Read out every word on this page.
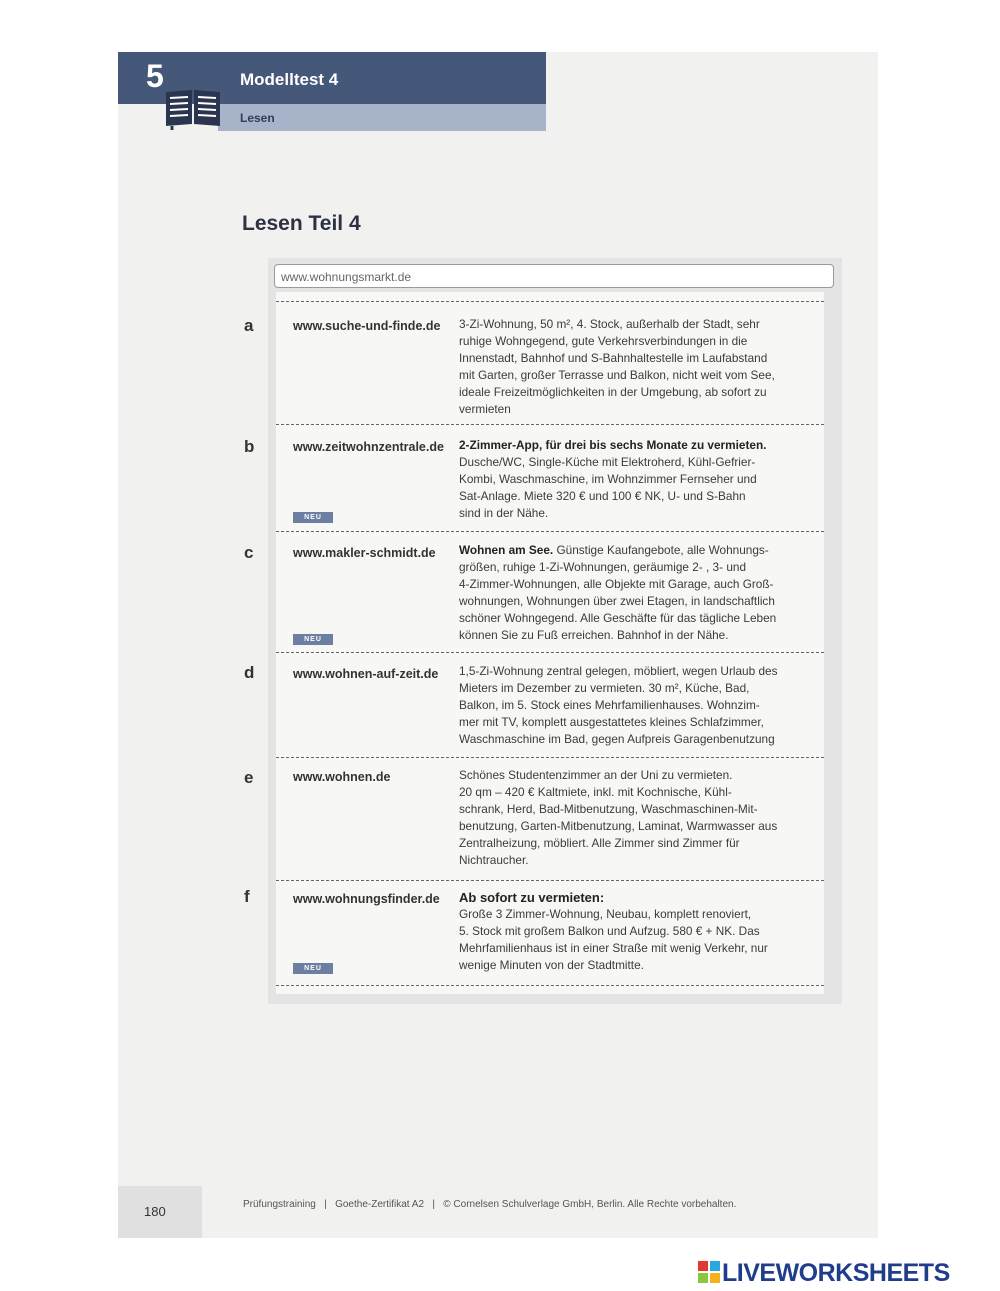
5	Modelltest 4
Lesen
Lesen Teil 4
www.wohnungsmarkt.de
a	www.suche-und-finde.de 3-Zi-Wohnung, 50 m², 4. Stock, außerhalb der Stadt, sehr
ruhige Wohngegend, gute Verkehrsverbindungen in die
Innenstadt, Bahnhof und S-Bahnhaltestelle im Laufabstand
mit Garten, großer Terrasse und Balkon, nicht weit vom See,
ideale Freizeitmöglichkeiten in der Umgebung, ab sofort zu
vermieten
b	www.zeitwohnzentrale.de
NEU
2-Zimmer-App, für drei bis sechs Monate zu vermieten.
Dusche/WC, Single-Küche mit Elektroherd, Kühl-Gefrier-
Kombi, Waschmaschine, im Wohnzimmer Fernseher und
Sat-Anlage. Miete 320 € und 100 € NK, U- und S-Bahn
sind in der Nähe.
c	www.makler-schmidt.de
NEU
Wohnen am See. Günstige Kaufangebote, alle Wohnungs-
größen, ruhige 1-Zi-Wohnungen, geräumige 2- , 3- und
4-Zimmer-Wohnungen, alle Objekte mit Garage, auch Groß-
wohnungen, Wohnungen über zwei Etagen, in landschaftlich
schöner Wohngegend. Alle Geschäfte für das tägliche Leben
können Sie zu Fuß erreichen. Bahnhof in der Nähe.
d	www.wohnen-auf-zeit.de 1,5-Zi-Wohnung zentral gelegen, möbliert, wegen Urlaub des
Mieters im Dezember zu vermieten. 30 m², Küche, Bad,
Balkon, im 5. Stock eines Mehrfamilienhauses. Wohnzim-
mer mit TV, komplett ausgestattetes kleines Schlafzimmer,
Waschmaschine im Bad, gegen Aufpreis Garagenbenutzung
e	www.wohnen.de	Schönes Studentenzimmer an der Uni zu vermieten.
20 qm – 420 € Kaltmiete, inkl. mit Kochnische, Kühl-
schrank, Herd, Bad-Mitbenutzung, Waschmaschinen-Mit-
benutzung, Garten-Mitbenutzung, Laminat, Warmwasser aus
Zentralheizung, möbliert. Alle Zimmer sind Zimmer für
Nichtraucher.
f	www.wohnungsfinder.de
NEU
Ab sofort zu vermieten:
Große 3 Zimmer-Wohnung, Neubau, komplett renoviert,
5. Stock mit großem Balkon und Aufzug. 580 € + NK. Das
Mehrfamilienhaus ist in einer Straße mit wenig Verkehr, nur
wenige Minuten von der Stadtmitte.
180	Prüfungstraining   |   Goethe-Zertifikat A2   |   © Cornelsen Schulverlage GmbH, Berlin. Alle Rechte vorbehalten.
LIVEWORKSHEETS
